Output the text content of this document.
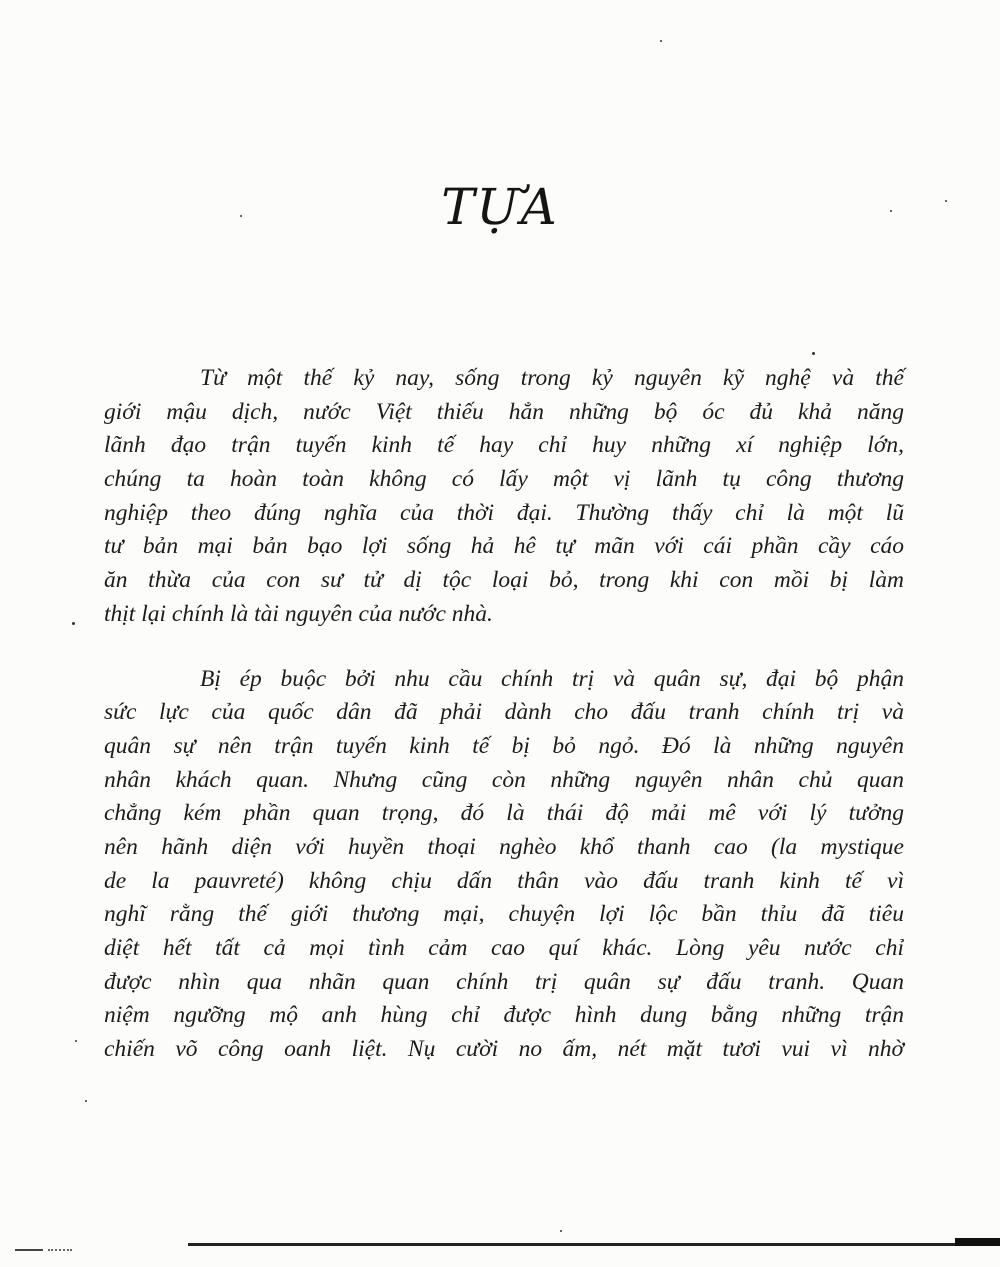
TỰA
Từ một thế kỷ nay, sống trong kỷ nguyên kỹ nghệ và thế
giới mậu dịch, nước Việt thiếu hẳn những bộ óc đủ khả năng
lãnh đạo trận tuyến kinh tế hay chỉ huy những xí nghiệp lớn,
chúng ta hoàn toàn không có lấy một vị lãnh tụ công thương
nghiệp theo đúng nghĩa của thời đại. Thường thấy chỉ là một lũ
tư bản mại bản bạo lợi sống hả hê tự mãn với cái phần cầy cáo
ăn thừa của con sư tử dị tộc loại bỏ, trong khi con mồi bị làm
thịt lại chính là tài nguyên của nước nhà.
Bị ép buộc bởi nhu cầu chính trị và quân sự, đại bộ phận
sức lực của quốc dân đã phải dành cho đấu tranh chính trị và
quân sự nên trận tuyến kinh tế bị bỏ ngỏ. Đó là những nguyên
nhân khách quan. Nhưng cũng còn những nguyên nhân chủ quan
chẳng kém phần quan trọng, đó là thái độ mải mê với lý tưởng
nên hãnh diện với huyền thoại nghèo khổ thanh cao (la mystique
de la pauvreté) không chịu dấn thân vào đấu tranh kinh tế vì
nghĩ rằng thế giới thương mại, chuyện lợi lộc bần thỉu đã tiêu
diệt hết tất cả mọi tình cảm cao quí khác. Lòng yêu nước chỉ
được nhìn qua nhãn quan chính trị quân sự đấu tranh. Quan
niệm ngưỡng mộ anh hùng chỉ được hình dung bằng những trận
chiến võ công oanh liệt. Nụ cười no ấm, nét mặt tươi vui vì nhờ
